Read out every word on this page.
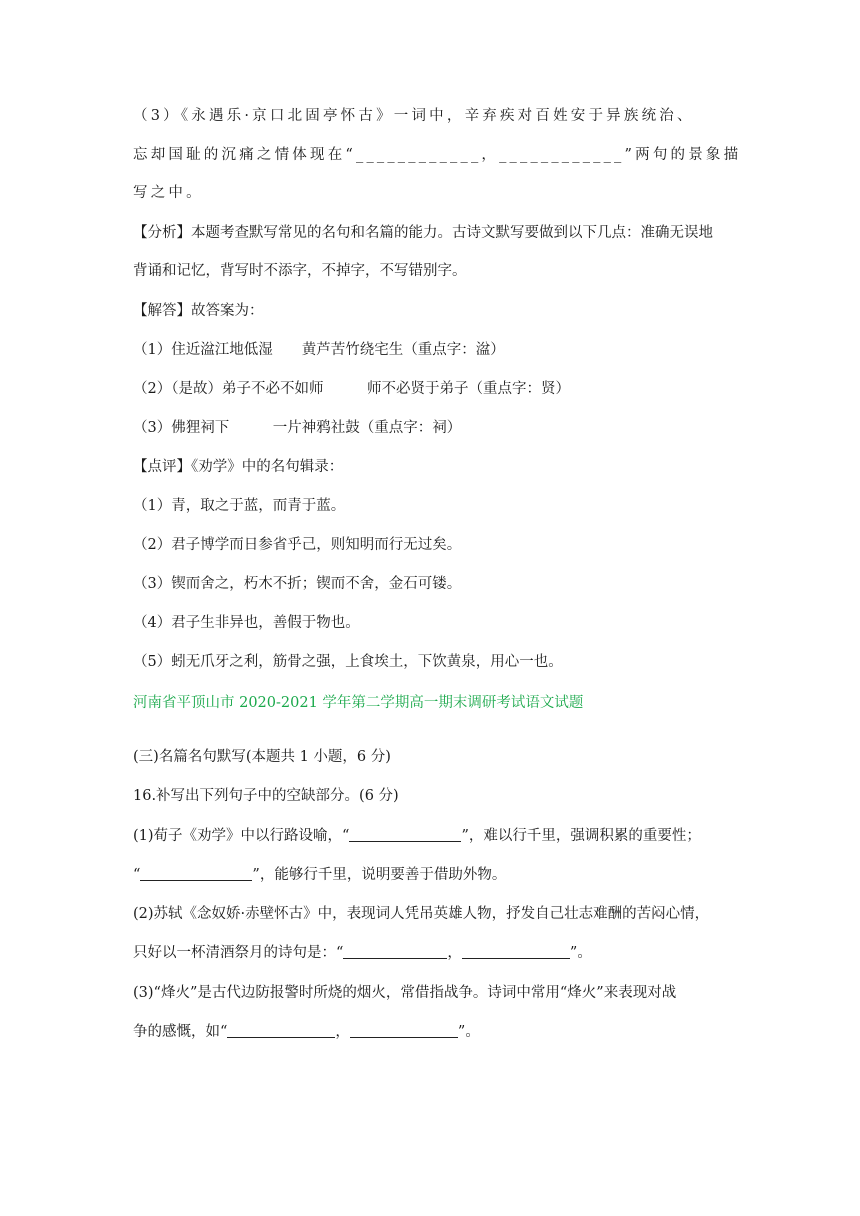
（3）《永遇乐·京口北固亭怀古》一词中，辛弃疾对百姓安于异族统治、
忘却国耻的沉痛之情体现在“____________，____________”两句的景象描
写之中。
【分析】本题考查默写常见的名句和名篇的能力。古诗文默写要做到以下几点：准确无误地
背诵和记忆，背写时不添字，不掉字，不写错别字。
【解答】故答案为：
（1）住近湓江地低湿　　黄芦苦竹绕宅生（重点字：湓）
（2）（是故）弟子不必不如师　　　师不必贤于弟子（重点字：贤）
（3）佛狸祠下　　　一片神鸦社鼓（重点字：祠）
【点评】《劝学》中的名句辑录：
（1）青，取之于蓝，而青于蓝。
（2）君子博学而日参省乎己，则知明而行无过矣。
（3）锲而舍之，朽木不折；锲而不舍，金石可镂。
（4）君子生非异也，善假于物也。
（5）蚓无爪牙之利，筋骨之强，上食埃土，下饮黄泉，用心一也。
河南省平顶山市 2020-2021 学年第二学期高一期末调研考试语文试题
(三)名篇名句默写(本题共 1 小题，6 分)
16.补写出下列句子中的空缺部分。(6 分)
(1)荀子《劝学》中以行路设喻，“	”，难以行千里，强调积累的重要性；
“	”，能够行千里，说明要善于借助外物。
(2)苏轼《念奴娇·赤壁怀古》中，表现词人凭吊英雄人物，抒发自己壮志难酬的苦闷心情，
只好以一杯清酒祭月的诗句是：“	，	”。
(3)“烽火”是古代边防报警时所烧的烟火，常借指战争。诗词中常用“烽火”来表现对战
争的感慨，如“	，	”。
